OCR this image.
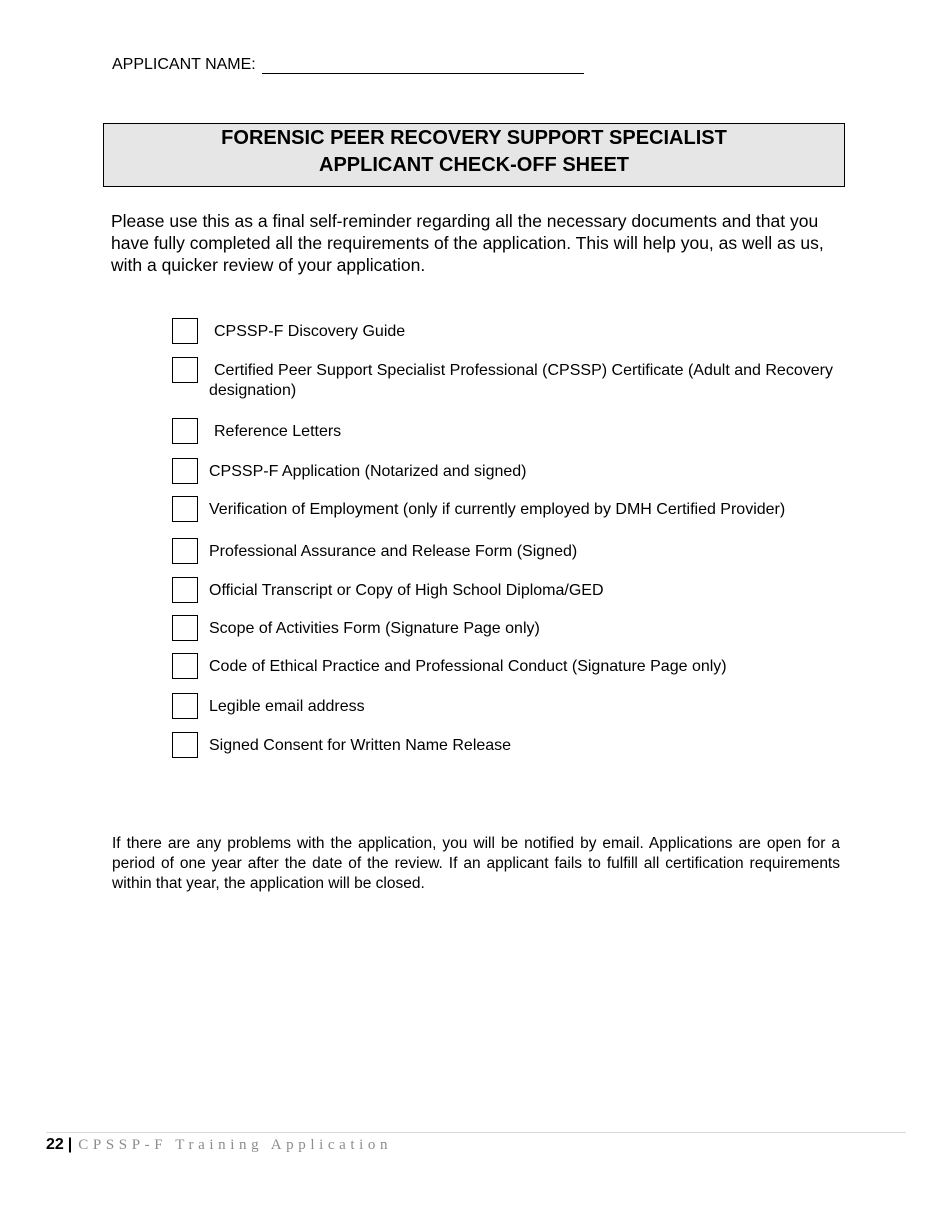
APPLICANT NAME:
FORENSIC PEER RECOVERY SUPPORT SPECIALIST
APPLICANT CHECK-OFF SHEET
Please use this as a final self-reminder regarding all the necessary documents and that you have fully completed all the requirements of the application. This will help you, as well as us, with a quicker review of your application.
CPSSP-F Discovery Guide
Certified Peer Support Specialist Professional (CPSSP) Certificate (Adult and Recovery designation)
Reference Letters
CPSSP-F Application (Notarized and signed)
Verification of Employment (only if currently employed by DMH Certified Provider)
Professional Assurance and Release Form (Signed)
Official Transcript or Copy of High School Diploma/GED
Scope of Activities Form (Signature Page only)
Code of Ethical Practice and Professional Conduct (Signature Page only)
Legible email address
Signed Consent for Written Name Release
If there are any problems with the application, you will be notified by email. Applications are open for a period of one year after the date of the review. If an applicant fails to fulfill all certification requirements within that year, the application will be closed.
22 | CPSSP-F Training Application
